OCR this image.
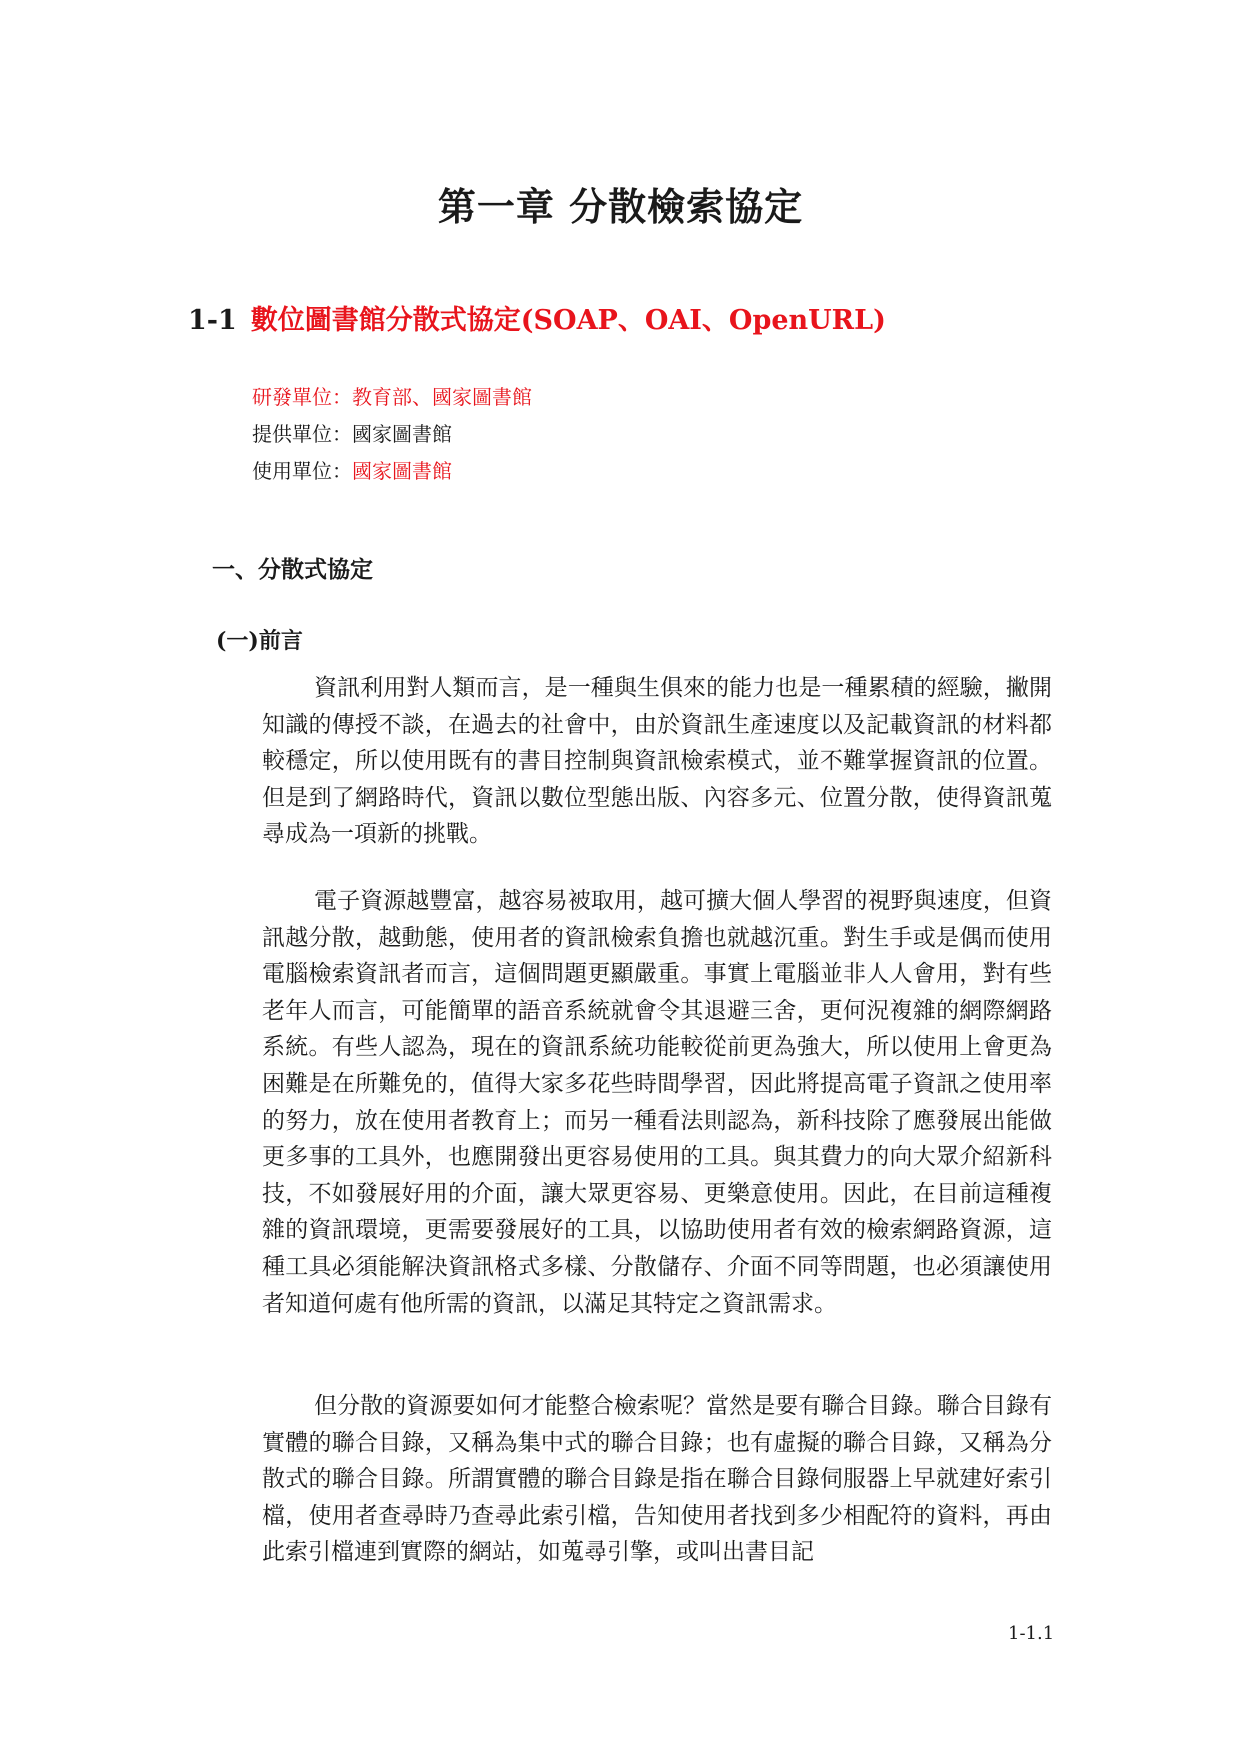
第一章 分散檢索協定
1-1 數位圖書館分散式協定(SOAP、OAI、OpenURL)

研發單位：教育部、國家圖書館

提供單位：國家圖書館

使用單位：國家圖書館

一、分散式協定
(一)前言

資訊利用對人類而言，是一種與生俱來的能力也是一種累積的經驗，撇開知識的傳授不談，在過去的社會中，由於資訊生產速度以及記載資訊的材料都較穩定，所以使用既有的書目控制與資訊檢索模式，並不難掌握資訊的位置。但是到了網路時代，資訊以數位型態出版、內容多元、位置分散，使得資訊蒐尋成為一項新的挑戰。

電子資源越豐富，越容易被取用，越可擴大個人學習的視野與速度，但資訊越分散，越動態，使用者的資訊檢索負擔也就越沉重。對生手或是偶而使用電腦檢索資訊者而言，這個問題更顯嚴重。事實上電腦並非人人會用，對有些老年人而言，可能簡單的語音系統就會令其退避三舍，更何況複雜的網際網路系統。有些人認為，現在的資訊系統功能較從前更為強大，所以使用上會更為困難是在所難免的，值得大家多花些時間學習，因此將提高電子資訊之使用率的努力，放在使用者教育上；而另一種看法則認為，新科技除了應發展出能做更多事的工具外，也應開發出更容易使用的工具。與其費力的向大眾介紹新科技，不如發展好用的介面，讓大眾更容易、更樂意使用。因此，在目前這種複雜的資訊環境，更需要發展好的工具，以協助使用者有效的檢索網路資源，這種工具必須能解決資訊格式多樣、分散儲存、介面不同等問題，也必須讓使用者知道何處有他所需的資訊，以滿足其特定之資訊需求。

但分散的資源要如何才能整合檢索呢？當然是要有聯合目錄。聯合目錄有實體的聯合目錄，又稱為集中式的聯合目錄；也有虛擬的聯合目錄，又稱為分散式的聯合目錄。所謂實體的聯合目錄是指在聯合目錄伺服器上早就建好索引檔，使用者查尋時乃查尋此索引檔，告知使用者找到多少相配符的資料，再由此索引檔連到實際的網站，如蒐尋引擎，或叫出書目記

1-1.1
